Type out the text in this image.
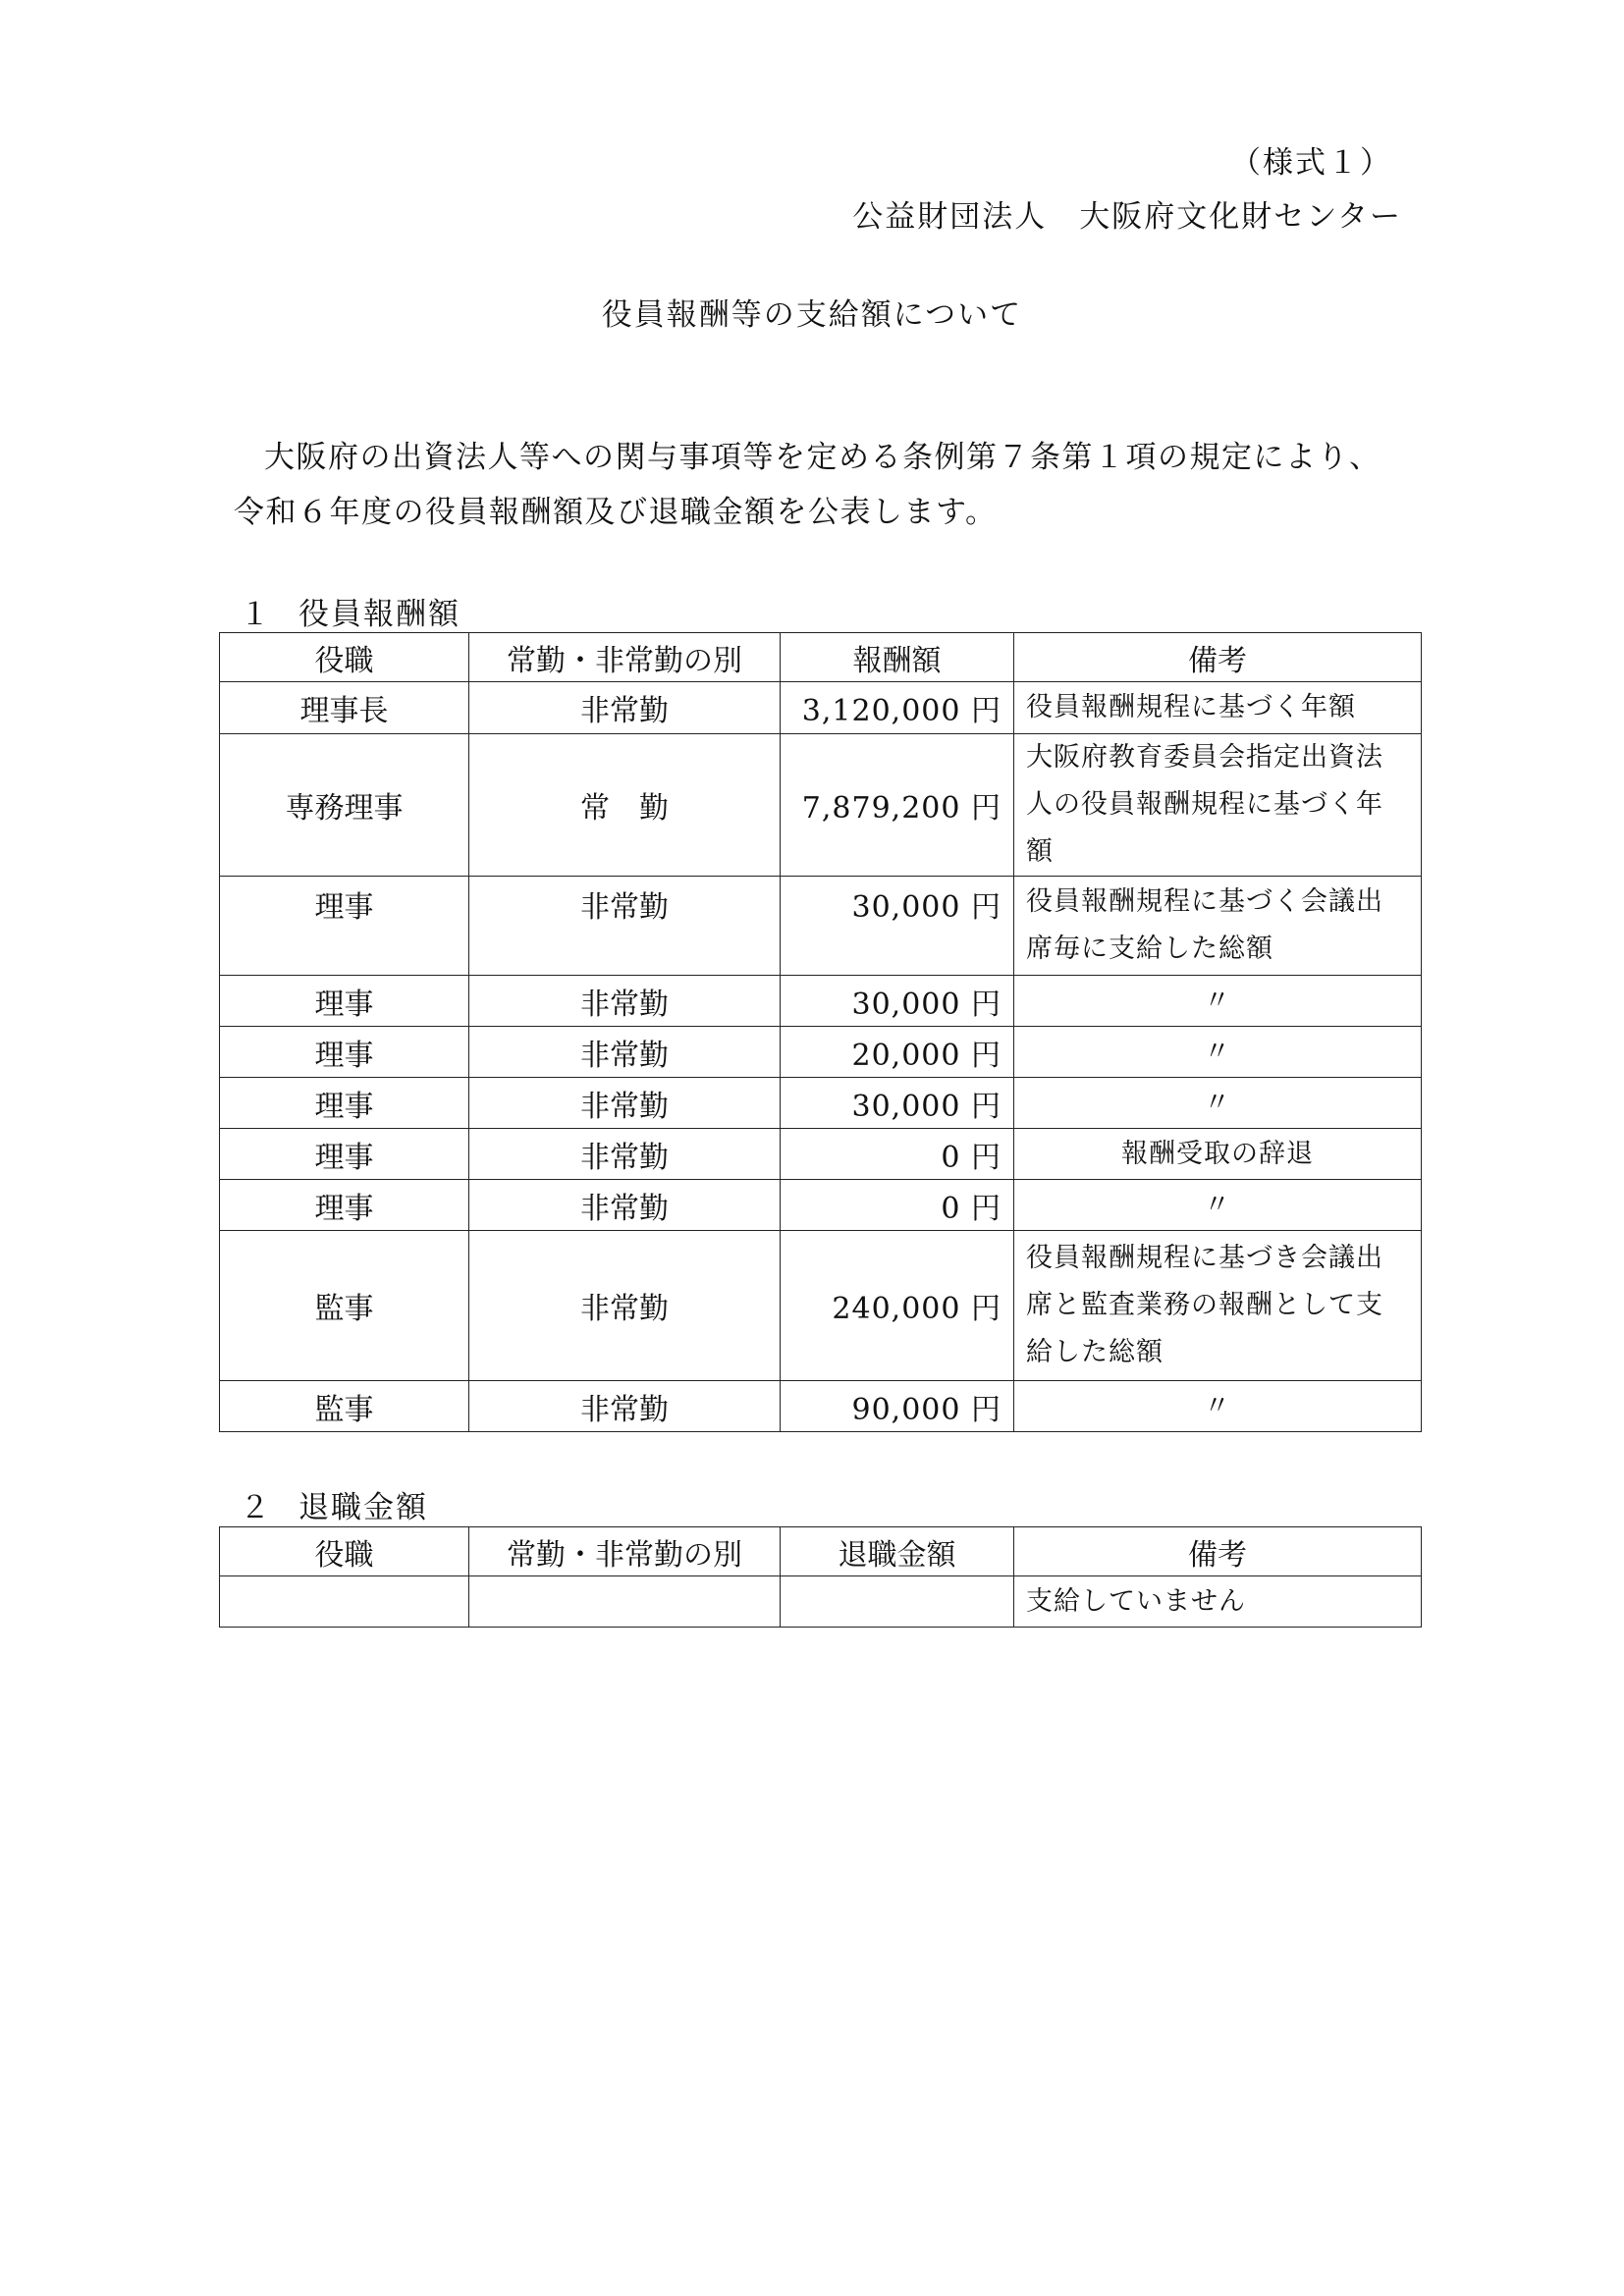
（様式１）
公益財団法人　大阪府文化財センター
役員報酬等の支給額について

大阪府の出資法人等への関与事項等を定める条例第７条第１項の規定により、

令和６年度の役員報酬額及び退職金額を公表します。

１ 役員報酬額
役職	常勤・非常勤の別	報酬額	備考
理事長	非常勤	3,120,000 円	役員報酬規程に基づく年額
専務理事	常　勤	7,879,200 円	大阪府教育委員会指定出資法人の役員報酬規程に基づく年額
理事	非常勤	30,000 円	役員報酬規程に基づく会議出席毎に支給した総額
理事	非常勤	30,000 円	〃
理事	非常勤	20,000 円	〃
理事	非常勤	30,000 円	〃
理事	非常勤	0 円	報酬受取の辞退
理事	非常勤	0 円	〃
監事	非常勤	240,000 円	役員報酬規程に基づき会議出席と監査業務の報酬として支給した総額
監事	非常勤	90,000 円	〃
２ 退職金額
役職	常勤・非常勤の別	退職金額	備考
			支給していません
